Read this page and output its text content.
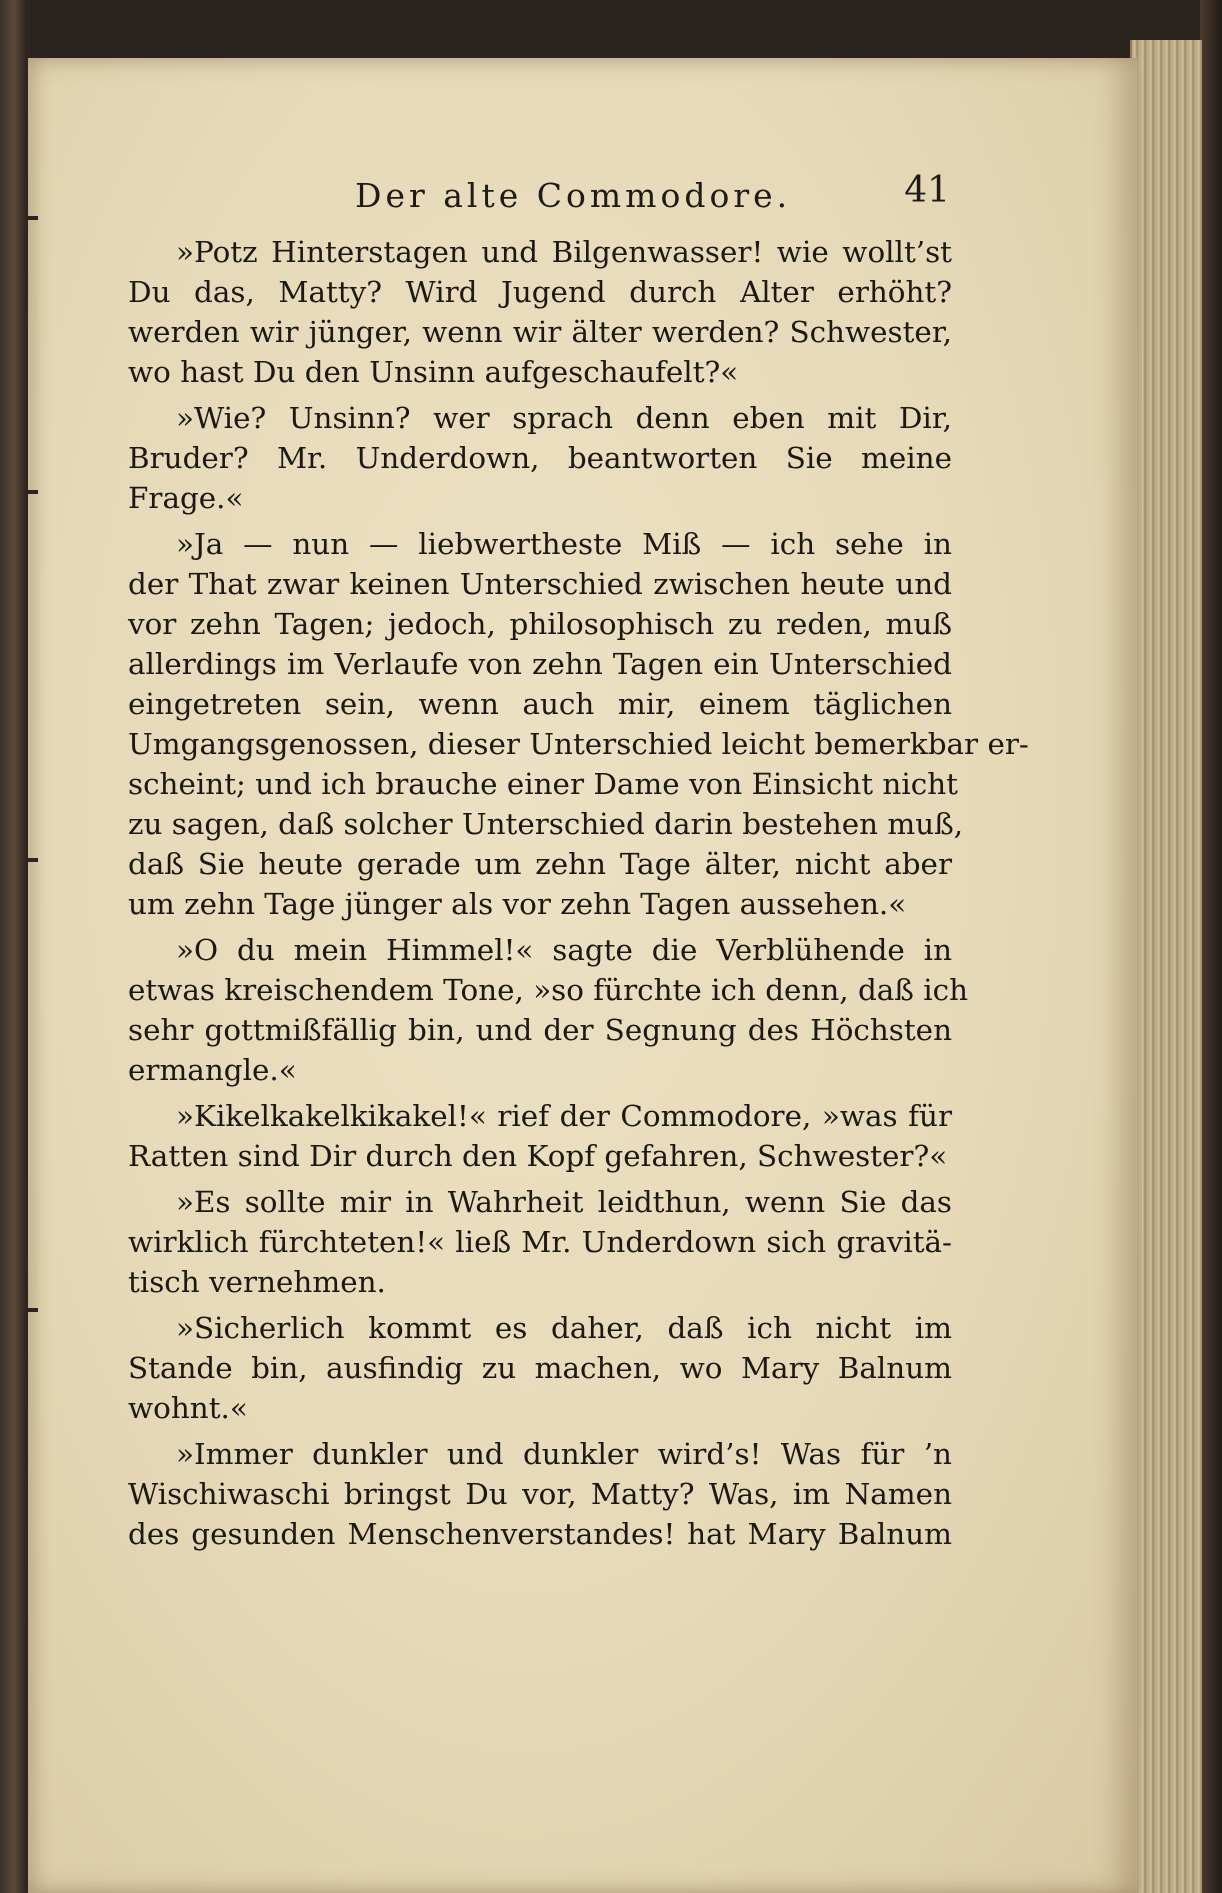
Der alte Commodore.	41
»Potz Hinterstagen und Bilgenwasser! wie wollt’st
Du das, Matty? Wird Jugend durch Alter erhöht?
werden wir jünger, wenn wir älter werden? Schwester,
wo hast Du den Unsinn aufgeschaufelt?«
»Wie? Unsinn? wer sprach denn eben mit Dir,
Bruder? Mr. Underdown, beantworten Sie meine
Frage.«
»Ja — nun — liebwertheste Miß — ich sehe in
der That zwar keinen Unterschied zwischen heute und
vor zehn Tagen; jedoch, philosophisch zu reden, muß
allerdings im Verlaufe von zehn Tagen ein Unterschied
eingetreten sein, wenn auch mir, einem täglichen
Umgangsgenossen, dieser Unterschied leicht bemerkbar er-
scheint; und ich brauche einer Dame von Einsicht nicht
zu sagen, daß solcher Unterschied darin bestehen muß,
daß Sie heute gerade um zehn Tage älter, nicht aber
um zehn Tage jünger als vor zehn Tagen aussehen.«
»O du mein Himmel!« sagte die Verblühende in
etwas kreischendem Tone, »so fürchte ich denn, daß ich
sehr gottmißfällig bin, und der Segnung des Höchsten
ermangle.«
»Kikelkakelkikakel!« rief der Commodore, »was für
Ratten sind Dir durch den Kopf gefahren, Schwester?«
»Es sollte mir in Wahrheit leidthun, wenn Sie das
wirklich fürchteten!« ließ Mr. Underdown sich gravitä-
tisch vernehmen.
»Sicherlich kommt es daher, daß ich nicht im
Stande bin, ausfindig zu machen, wo Mary Balnum
wohnt.«
»Immer dunkler und dunkler wird’s! Was für ’n
Wischiwaschi bringst Du vor, Matty? Was, im Namen
des gesunden Menschenverstandes! hat Mary Balnum
